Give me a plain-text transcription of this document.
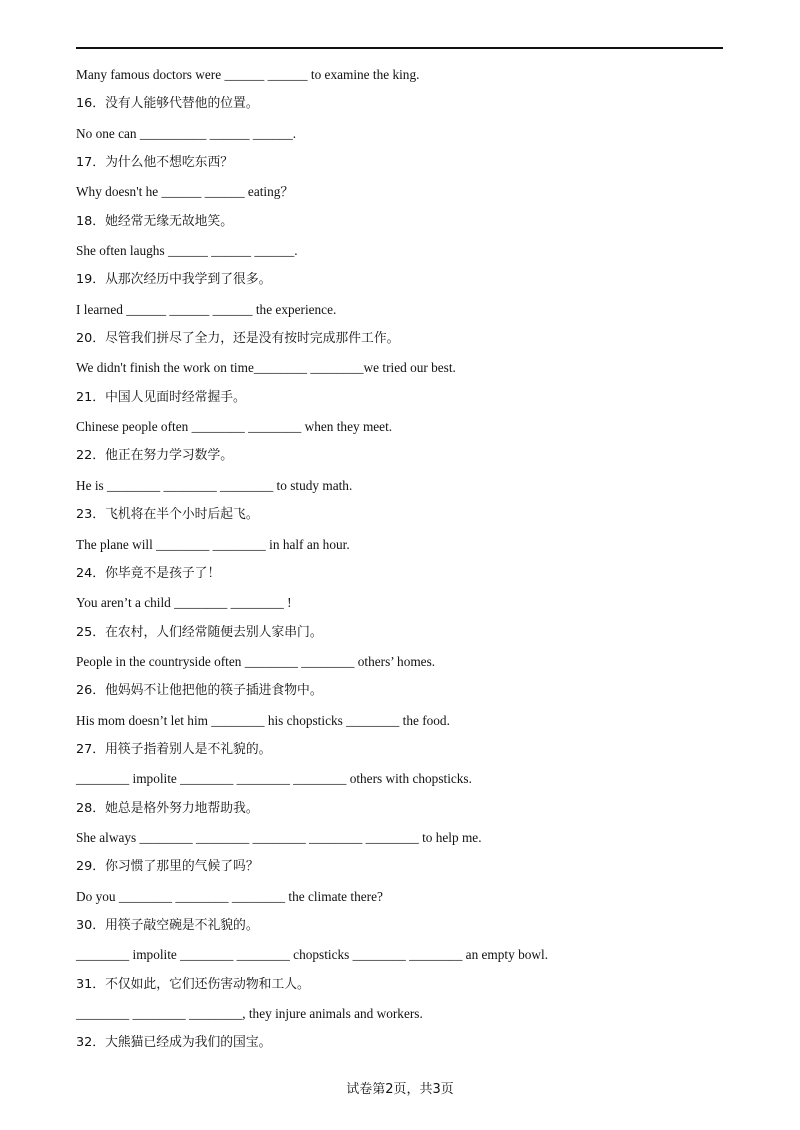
Many famous doctors were ______ ______ to examine the king.
16．没有人能够代替他的位置。
No one can __________ ______ ______.
17．为什么他不想吃东西？
Why doesn't he ______ ______ eating？
18．她经常无缘无故地笑。
She often laughs ______ ______ ______.
19．从那次经历中我学到了很多。
I learned ______ ______ ______ the experience.
20．尽管我们拼尽了全力，还是没有按时完成那件工作。
We didn't finish the work on time________ ________we tried our best.
21．中国人见面时经常握手。
Chinese people often ________ ________ when they meet.
22．他正在努力学习数学。
He is ________ ________ ________ to study math.
23．飞机将在半个小时后起飞。
The plane will ________ ________ in half an hour.
24．你毕竟不是孩子了！
You aren’t a child ________ ________ !
25．在农村，人们经常随便去别人家串门。
People in the countryside often ________ ________ others’ homes.
26．他妈妈不让他把他的筷子插进食物中。
His mom doesn’t let him ________ his chopsticks ________ the food.
27．用筷子指着别人是不礼貌的。
________ impolite ________ ________ ________ others with chopsticks.
28．她总是格外努力地帮助我。
She always ________ ________ ________ ________ ________ to help me.
29．你习惯了那里的气候了吗？
Do you ________ ________ ________ the climate there?
30．用筷子敲空碗是不礼貌的。
________ impolite ________ ________ chopsticks ________ ________ an empty bowl.
31．不仅如此，它们还伤害动物和工人。
________ ________ ________, they injure animals and workers.
32．大熊猫已经成为我们的国宝。
试卷第2页，共3页
